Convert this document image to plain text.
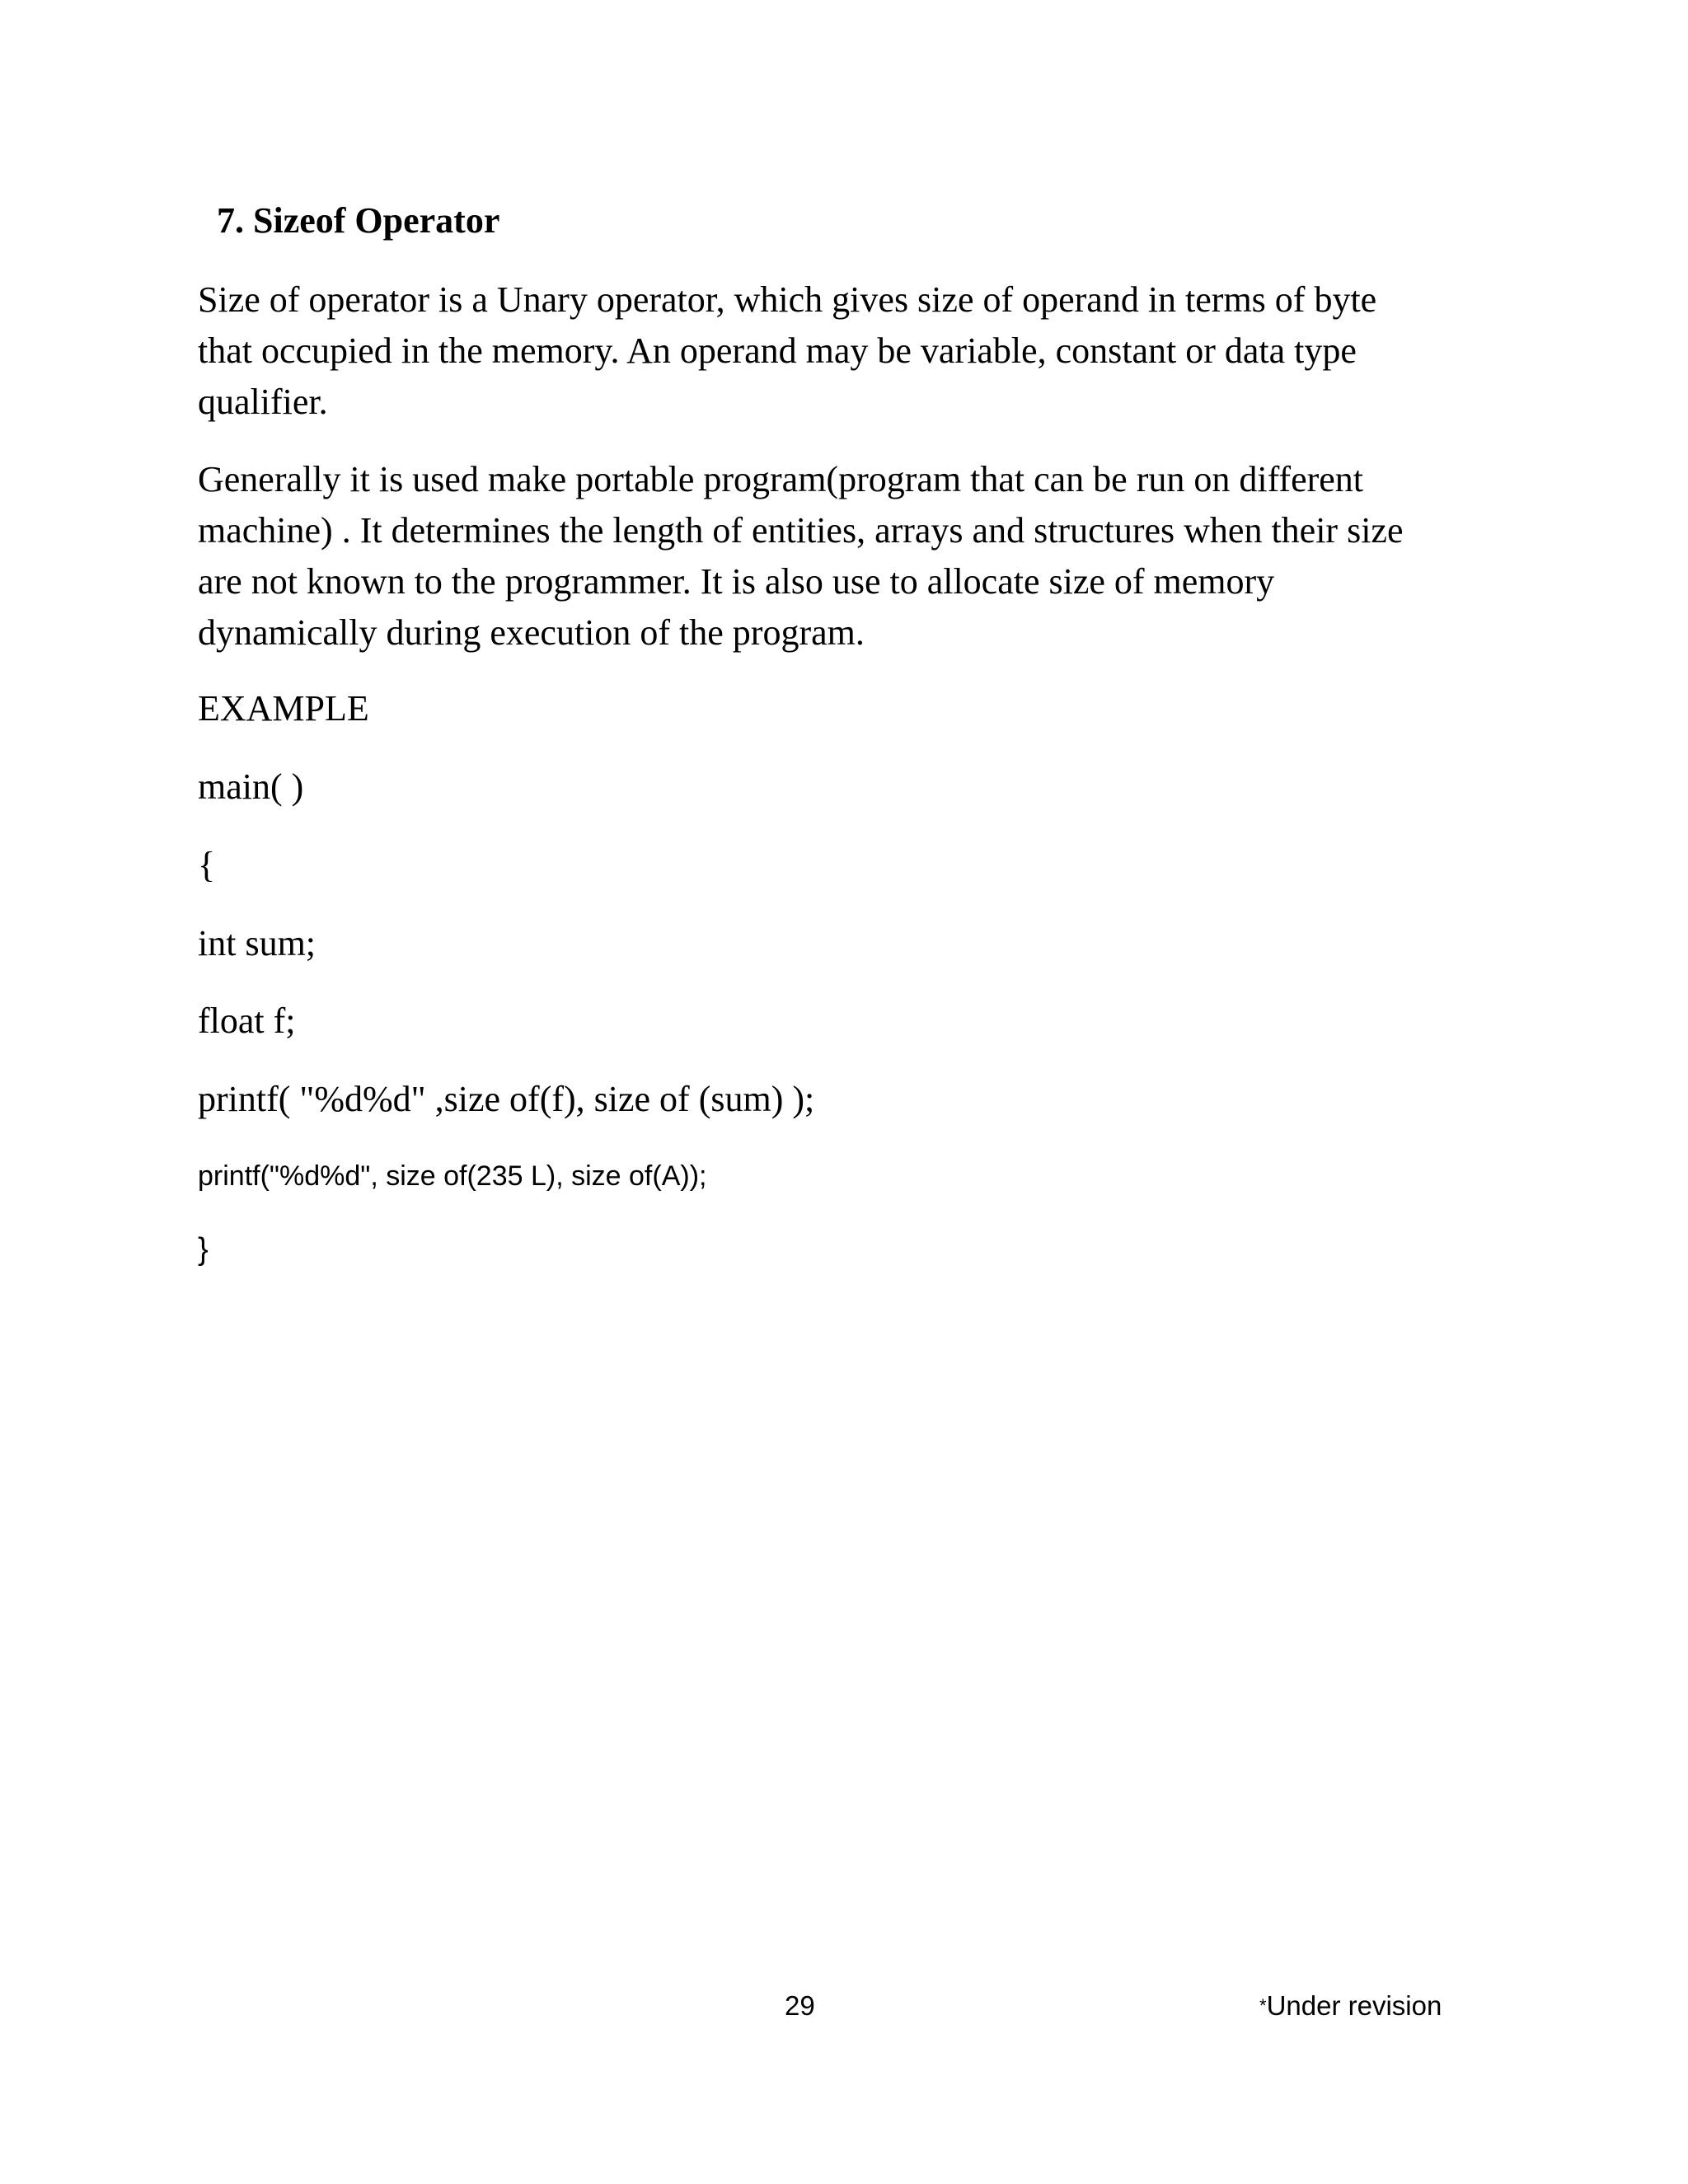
7. Sizeof Operator

Size of operator is a Unary operator, which gives size of operand in terms of byte
that occupied in the memory. An operand may be variable, constant or data type
qualifier.

Generally it is used make portable program(program that can be run on different
machine) . It determines the length of entities, arrays and structures when their size
are not known to the programmer. It is also use to allocate size of memory
dynamically during execution of the program.

EXAMPLE
main( )
{
int sum;
float f;
printf( "%d%d" ,size of(f), size of (sum) );
printf("%d%d", size of(235 L), size of(A));
}
29	*Under revision
